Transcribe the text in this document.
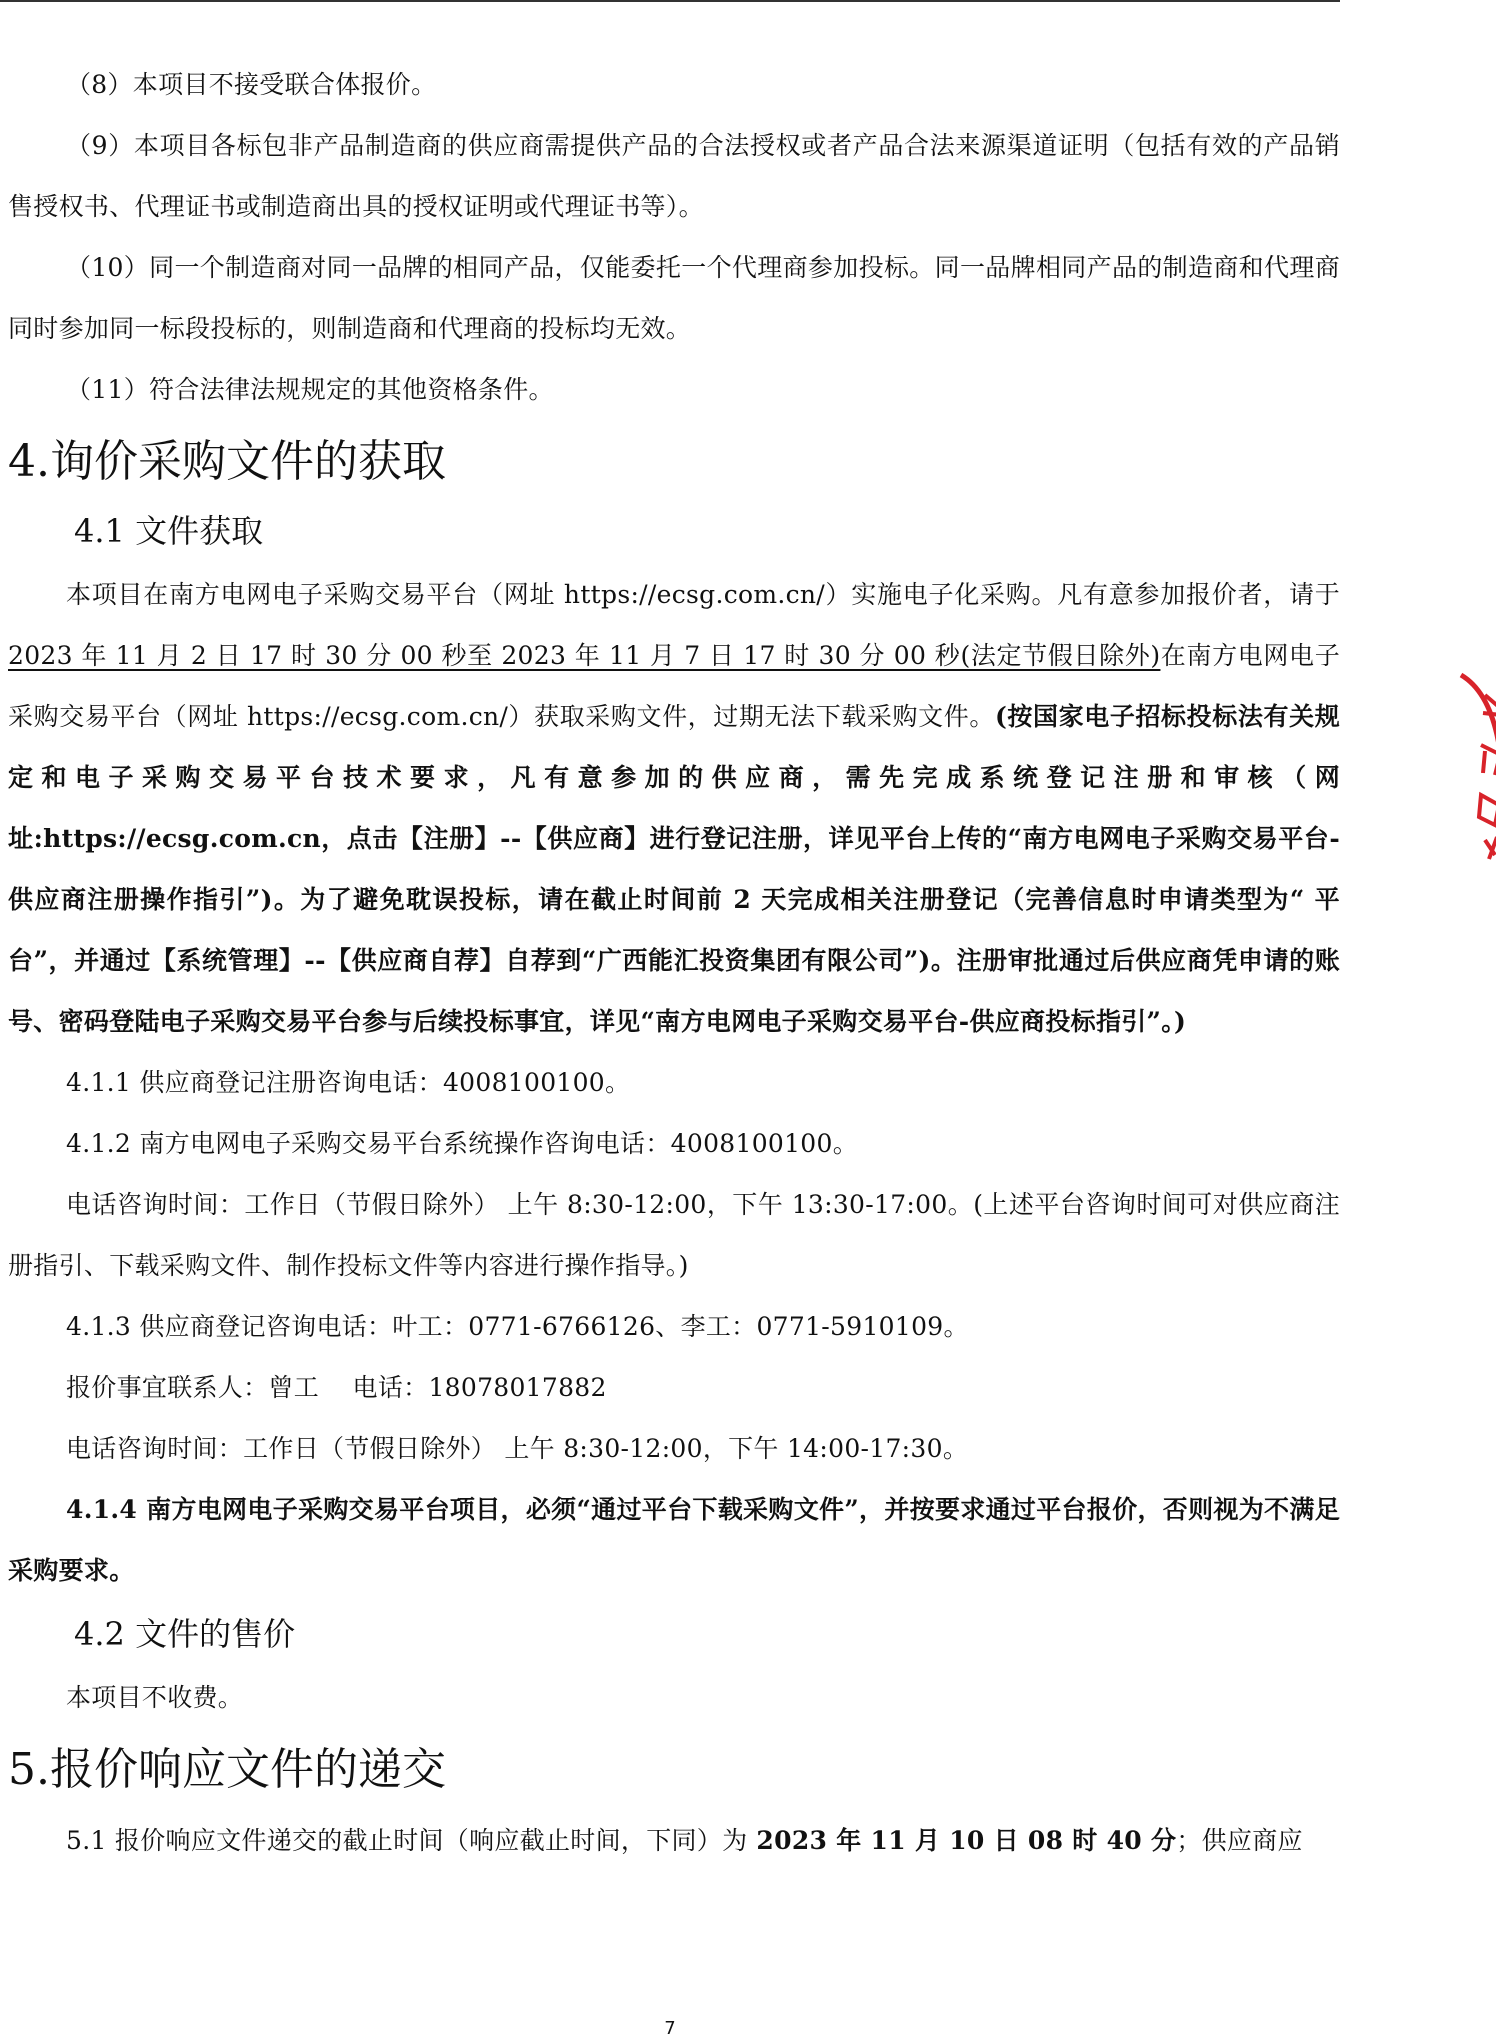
（8）本项目不接受联合体报价。

（9）本项目各标包非产品制造商的供应商需提供产品的合法授权或者产品合法来源渠道证明（包括有效的产品销售授权书、代理证书或制造商出具的授权证明或代理证书等）。

（10）同一个制造商对同一品牌的相同产品，仅能委托一个代理商参加投标。同一品牌相同产品的制造商和代理商同时参加同一标段投标的，则制造商和代理商的投标均无效。

（11）符合法律法规规定的其他资格条件。

4.询价采购文件的获取
4.1 文件获取

本项目在南方电网电子采购交易平台（网址 https://ecsg.com.cn/）实施电子化采购。凡有意参加报价者，请于2023 年 11 月 2 日 17 时 30 分 00 秒至 2023 年 11 月 7 日 17 时 30 分 00 秒(法定节假日除外)在南方电网电子采购交易平台（网址 https://ecsg.com.cn/）获取采购文件，过期无法下载采购文件。(按国家电子招标投标法有关规定和电子采购交易平台技术要求，凡有意参加的供应商，需先完成系统登记注册和审核（网址:https://ecsg.com.cn，点击【注册】--【供应商】进行登记注册，详见平台上传的“南方电网电子采购交易平台-供应商注册操作指引”)。为了避免耽误投标，请在截止时间前 2 天完成相关注册登记（完善信息时申请类型为“ 平台”，并通过【系统管理】--【供应商自荐】自荐到“广西能汇投资集团有限公司”)。注册审批通过后供应商凭申请的账号、密码登陆电子采购交易平台参与后续投标事宜，详见“南方电网电子采购交易平台-供应商投标指引”。)

4.1.1 供应商登记注册咨询电话：4008100100。

4.1.2 南方电网电子采购交易平台系统操作咨询电话：4008100100。

电话咨询时间：工作日（节假日除外） 上午 8:30-12:00，下午 13:30-17:00。(上述平台咨询时间可对供应商注册指引、下载采购文件、制作投标文件等内容进行操作指导。)

4.1.3 供应商登记咨询电话：叶工：0771-6766126、李工：0771-5910109。

报价事宜联系人：曾工　 电话：18078017882

电话咨询时间：工作日（节假日除外） 上午 8:30-12:00，下午 14:00-17:30。

4.1.4 南方电网电子采购交易平台项目，必须“通过平台下载采购文件”，并按要求通过平台报价，否则视为不满足采购要求。

4.2 文件的售价

本项目不收费。

5.报价响应文件的递交

5.1 报价响应文件递交的截止时间（响应截止时间，下同）为 2023 年 11 月 10 日 08 时 40 分；供应商应

7
